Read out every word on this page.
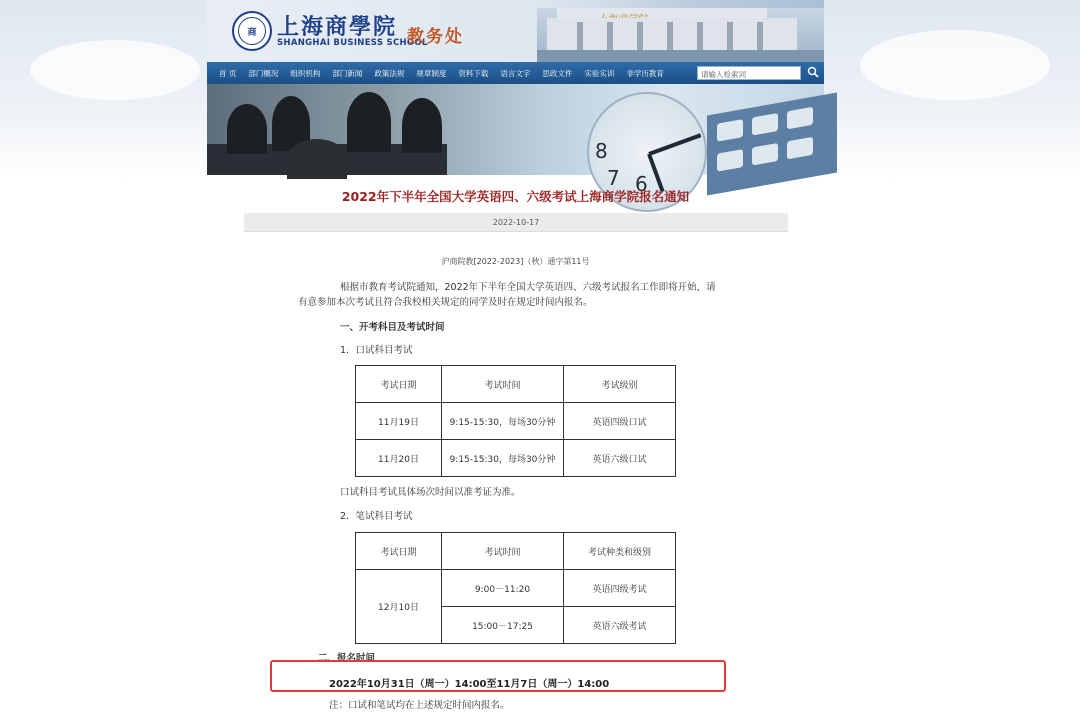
商 上海商學院
SHANGHAI BUSINESS SCHOOL
教务处
首 页	部门概况	组织机构	部门新闻	政策法规	规章制度	资料下载	语言文字	思政文件	实验实训	非学历教育	请输入检索词
8
6
7
2022年下半年全国大学英语四、六级考试上海商学院报名通知
2022-10-17
沪商院教[2022-2023]（秋）通字第11号
根据市教育考试院通知，2022年下半年全国大学英语四、六级考试报名工作即将开始，请
有意参加本次考试且符合我校相关规定的同学及时在规定时间内报名。
一、开考科目及考试时间
1．口试科目考试
考试日期	考试时间	考试级别
11月19日	9:15-15:30，每场30分钟	英语四级口试
11月20日	9:15-15:30，每场30分钟	英语六级口试
口试科目考试具体场次时间以准考证为准。
2．笔试科目考试
考试日期	考试时间	考试种类和级别
12月10日	9:00－11:20	英语四级考试
	15:00－17:25	英语六级考试
二、报名时间
2022年10月31日（周一）14:00至11月7日（周一）14:00
注：口试和笔试均在上述规定时间内报名。
